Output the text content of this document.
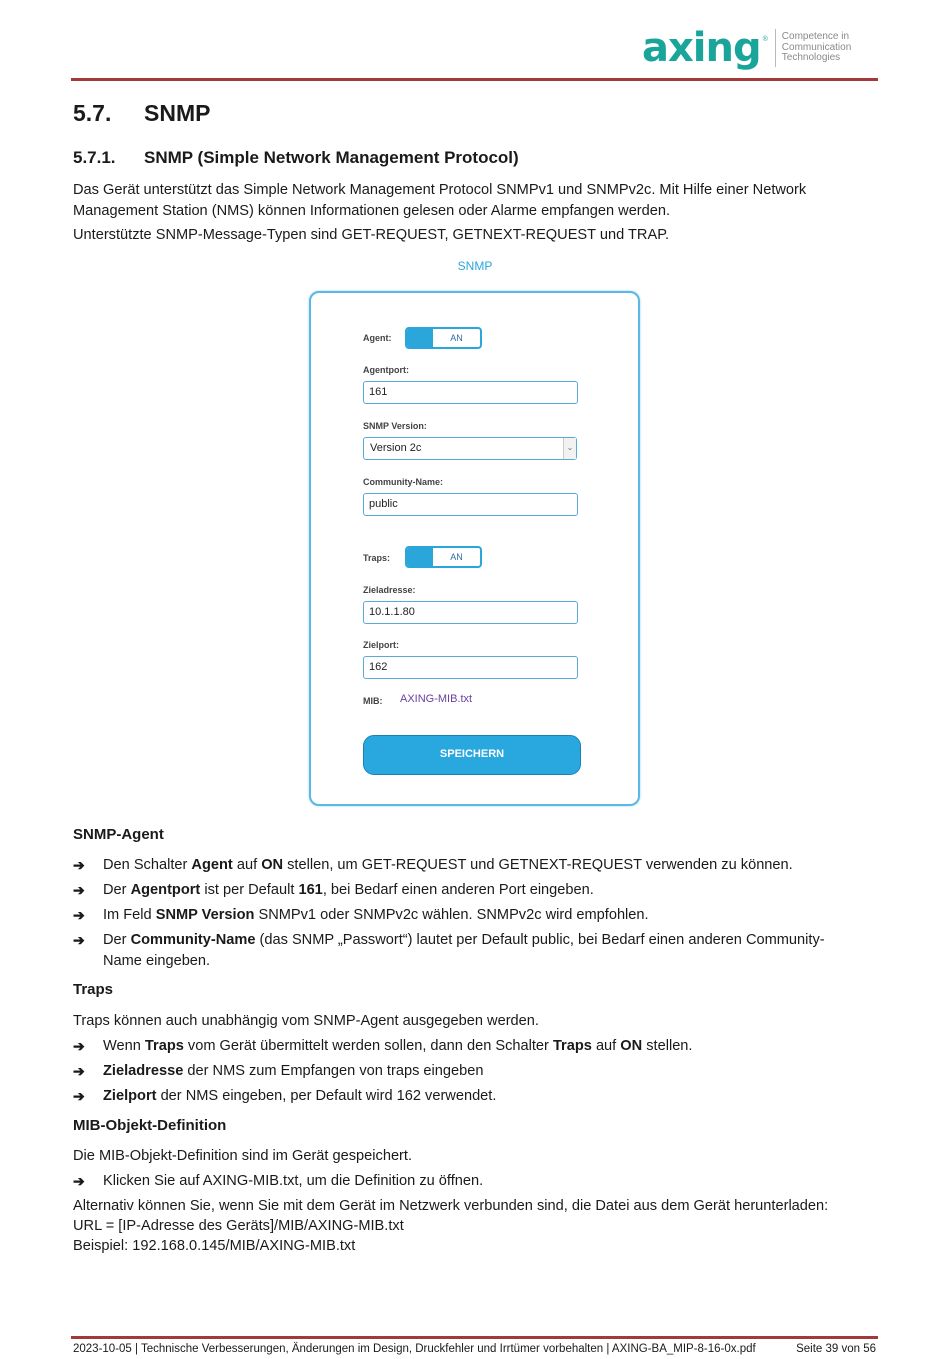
axing ® Competence in
Communication
Technologies
5.7. SNMP
5.7.1. SNMP (Simple Network Management Protocol)
Das Gerät unterstützt das Simple Network Management Protocol SNMPv1 und SNMPv2c. Mit Hilfe einer Network Management Station (NMS) können Informationen gelesen oder Alarme empfangen werden.
Unterstützte SNMP-Message-Typen sind GET-REQUEST, GETNEXT-REQUEST und TRAP.
SNMP
Agent:	AN
Agentport:
161
SNMP Version:
Version 2c	⌄
Community-Name:
public
Traps:	AN
Zieladresse:
10.1.1.80
Zielport:
162
MIB: AXING-MIB.txt
SPEICHERN
SNMP-Agent
➔ Den Schalter Agent auf ON stellen, um GET-REQUEST und GETNEXT-REQUEST verwenden zu können.
➔ Der Agentport ist per Default 161, bei Bedarf einen anderen Port eingeben.
➔ Im Feld SNMP Version SNMPv1 oder SNMPv2c wählen. SNMPv2c wird empfohlen.
➔ Der Community-Name (das SNMP „Passwort“) lautet per Default public, bei Bedarf einen anderen Community-Name eingeben.
Traps
Traps können auch unabhängig vom SNMP-Agent ausgegeben werden.
➔ Wenn Traps vom Gerät übermittelt werden sollen, dann den Schalter Traps auf ON stellen.
➔ Zieladresse der NMS zum Empfangen von traps eingeben
➔ Zielport der NMS eingeben, per Default wird 162 verwendet.
MIB-Objekt-Definition
Die MIB-Objekt-Definition sind im Gerät gespeichert.
➔ Klicken Sie auf AXING-MIB.txt, um die Definition zu öffnen.
Alternativ können Sie, wenn Sie mit dem Gerät im Netzwerk verbunden sind, die Datei aus dem Gerät herunterladen:
URL = [IP-Adresse des Geräts]/MIB/AXING-MIB.txt
Beispiel: 192.168.0.145/MIB/AXING-MIB.txt
2023-10-05 | Technische Verbesserungen, Änderungen im Design, Druckfehler und Irrtümer vorbehalten | AXING-BA_MIP-8-16-0x.pdf	Seite 39 von 56
